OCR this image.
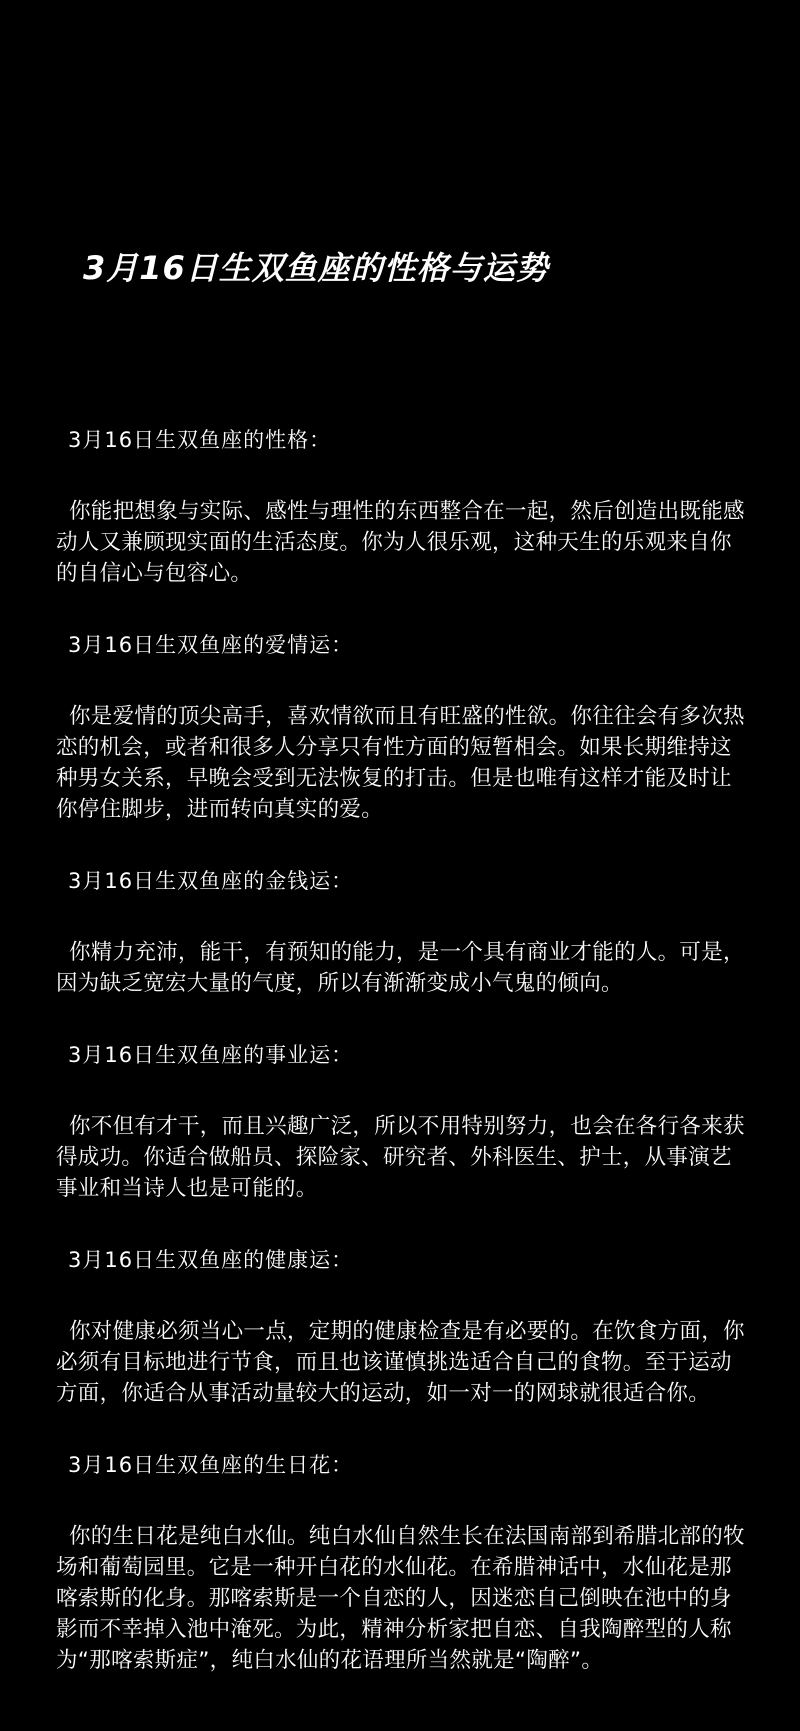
3月16日生双鱼座的性格与运势
3月16日生双鱼座的性格：

你能把想象与实际、感性与理性的东西整合在一起，然后创造出既能感动人又兼顾现实面的生活态度。你为人很乐观，这种天生的乐观来自你的自信心与包容心。

3月16日生双鱼座的爱情运：

你是爱情的顶尖高手，喜欢情欲而且有旺盛的性欲。你往往会有多次热恋的机会，或者和很多人分享只有性方面的短暂相会。如果长期维持这种男女关系，早晚会受到无法恢复的打击。但是也唯有这样才能及时让你停住脚步，进而转向真实的爱。

3月16日生双鱼座的金钱运：

你精力充沛，能干，有预知的能力，是一个具有商业才能的人。可是，因为缺乏宽宏大量的气度，所以有渐渐变成小气鬼的倾向。

3月16日生双鱼座的事业运：

你不但有才干，而且兴趣广泛，所以不用特别努力，也会在各行各来获得成功。你适合做船员、探险家、研究者、外科医生、护士，从事演艺事业和当诗人也是可能的。

3月16日生双鱼座的健康运：

你对健康必须当心一点，定期的健康检查是有必要的。在饮食方面，你必须有目标地进行节食，而且也该谨慎挑选适合自己的食物。至于运动方面，你适合从事活动量较大的运动，如一对一的网球就很适合你。

3月16日生双鱼座的生日花：

你的生日花是纯白水仙。纯白水仙自然生长在法国南部到希腊北部的牧场和葡萄园里。它是一种开白花的水仙花。在希腊神话中，水仙花是那喀索斯的化身。那喀索斯是一个自恋的人，因迷恋自己倒映在池中的身影而不幸掉入池中淹死。为此，精神分析家把自恋、自我陶醉型的人称为“那喀索斯症”，纯白水仙的花语理所当然就是“陶醉”。
